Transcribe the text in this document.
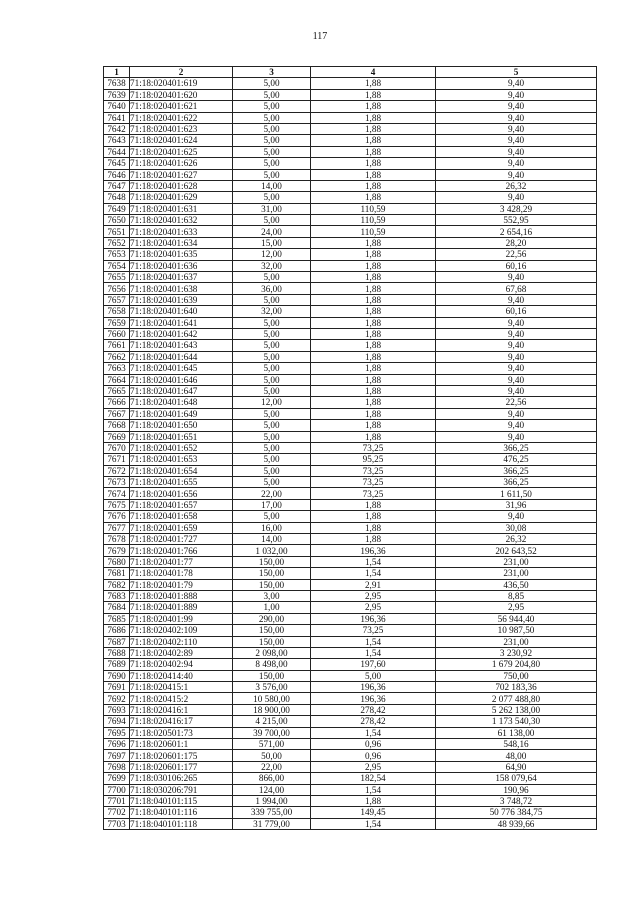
117
1	2	3	4	5
7638	71:18:020401:619	5,00	1,88	9,40
7639	71:18:020401:620	5,00	1,88	9,40
7640	71:18:020401:621	5,00	1,88	9,40
7641	71:18:020401:622	5,00	1,88	9,40
7642	71:18:020401:623	5,00	1,88	9,40
7643	71:18:020401:624	5,00	1,88	9,40
7644	71:18:020401:625	5,00	1,88	9,40
7645	71:18:020401:626	5,00	1,88	9,40
7646	71:18:020401:627	5,00	1,88	9,40
7647	71:18:020401:628	14,00	1,88	26,32
7648	71:18:020401:629	5,00	1,88	9,40
7649	71:18:020401:631	31,00	110,59	3 428,29
7650	71:18:020401:632	5,00	110,59	552,95
7651	71:18:020401:633	24,00	110,59	2 654,16
7652	71:18:020401:634	15,00	1,88	28,20
7653	71:18:020401:635	12,00	1,88	22,56
7654	71:18:020401:636	32,00	1,88	60,16
7655	71:18:020401:637	5,00	1,88	9,40
7656	71:18:020401:638	36,00	1,88	67,68
7657	71:18:020401:639	5,00	1,88	9,40
7658	71:18:020401:640	32,00	1,88	60,16
7659	71:18:020401:641	5,00	1,88	9,40
7660	71:18:020401:642	5,00	1,88	9,40
7661	71:18:020401:643	5,00	1,88	9,40
7662	71:18:020401:644	5,00	1,88	9,40
7663	71:18:020401:645	5,00	1,88	9,40
7664	71:18:020401:646	5,00	1,88	9,40
7665	71:18:020401:647	5,00	1,88	9,40
7666	71:18:020401:648	12,00	1,88	22,56
7667	71:18:020401:649	5,00	1,88	9,40
7668	71:18:020401:650	5,00	1,88	9,40
7669	71:18:020401:651	5,00	1,88	9,40
7670	71:18:020401:652	5,00	73,25	366,25
7671	71:18:020401:653	5,00	95,25	476,25
7672	71:18:020401:654	5,00	73,25	366,25
7673	71:18:020401:655	5,00	73,25	366,25
7674	71:18:020401:656	22,00	73,25	1 611,50
7675	71:18:020401:657	17,00	1,88	31,96
7676	71:18:020401:658	5,00	1,88	9,40
7677	71:18:020401:659	16,00	1,88	30,08
7678	71:18:020401:727	14,00	1,88	26,32
7679	71:18:020401:766	1 032,00	196,36	202 643,52
7680	71:18:020401:77	150,00	1,54	231,00
7681	71:18:020401:78	150,00	1,54	231,00
7682	71:18:020401:79	150,00	2,91	436,50
7683	71:18:020401:888	3,00	2,95	8,85
7684	71:18:020401:889	1,00	2,95	2,95
7685	71:18:020401:99	290,00	196,36	56 944,40
7686	71:18:020402:109	150,00	73,25	10 987,50
7687	71:18:020402:110	150,00	1,54	231,00
7688	71:18:020402:89	2 098,00	1,54	3 230,92
7689	71:18:020402:94	8 498,00	197,60	1 679 204,80
7690	71:18:020414:40	150,00	5,00	750,00
7691	71:18:020415:1	3 576,00	196,36	702 183,36
7692	71:18:020415:2	10 580,00	196,36	2 077 488,80
7693	71:18:020416:1	18 900,00	278,42	5 262 138,00
7694	71:18:020416:17	4 215,00	278,42	1 173 540,30
7695	71:18:020501:73	39 700,00	1,54	61 138,00
7696	71:18:020601:1	571,00	0,96	548,16
7697	71:18:020601:175	50,00	0,96	48,00
7698	71:18:020601:177	22,00	2,95	64,90
7699	71:18:030106:265	866,00	182,54	158 079,64
7700	71:18:030206:791	124,00	1,54	190,96
7701	71:18:040101:115	1 994,00	1,88	3 748,72
7702	71:18:040101:116	339 755,00	149,45	50 776 384,75
7703	71:18:040101:118	31 779,00	1,54	48 939,66
